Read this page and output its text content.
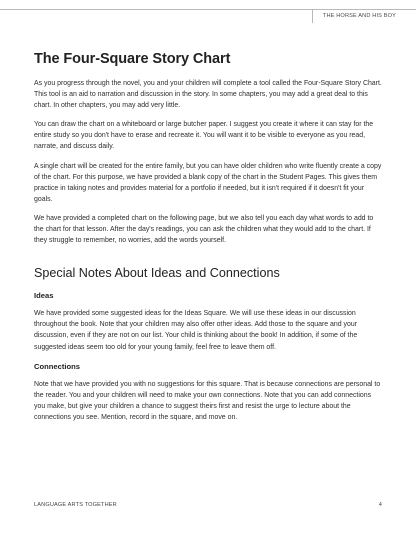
THE HORSE AND HIS BOY
The Four-Square Story Chart

As you progress through the novel, you and your children will complete a tool called the Four-Square Story Chart. This tool is an aid to narration and discussion in the story. In some chapters, you may add a great deal to this chart. In other chapters, you may add very little.

You can draw the chart on a whiteboard or large butcher paper. I suggest you create it where it can stay for the entire study so you don't have to erase and recreate it. You will want it to be visible to everyone as you read, narrate, and discuss daily.

A single chart will be created for the entire family, but you can have older children who write fluently create a copy of the chart. For this purpose, we have provided a blank copy of the chart in the Student Pages. This gives them practice in taking notes and provides material for a portfolio if needed, but it isn't required if it doesn't fit your goals.

We have provided a completed chart on the following page, but we also tell you each day what words to add to the chart for that lesson. After the day's readings, you can ask the children what they would add to the chart. If they struggle to remember, no worries, add the words yourself.

Special Notes About Ideas and Connections
Ideas

We have provided some suggested ideas for the Ideas Square. We will use these ideas in our discussion throughout the book. Note that your children may also offer other ideas. Add those to the square and your discussion, even if they are not on our list. Your child is thinking about the book! In addition, if some of the suggested ideas seem too old for your young family, feel free to leave them off.

Connections

Note that we have provided you with no suggestions for this square. That is because connections are personal to the reader. You and your children will need to make your own connections. Note that you can add connections you make, but give your children a chance to suggest theirs first and resist the urge to lecture about the connections you see. Mention, record in the square, and move on.

LANGUAGE ARTS TOGETHER	4
